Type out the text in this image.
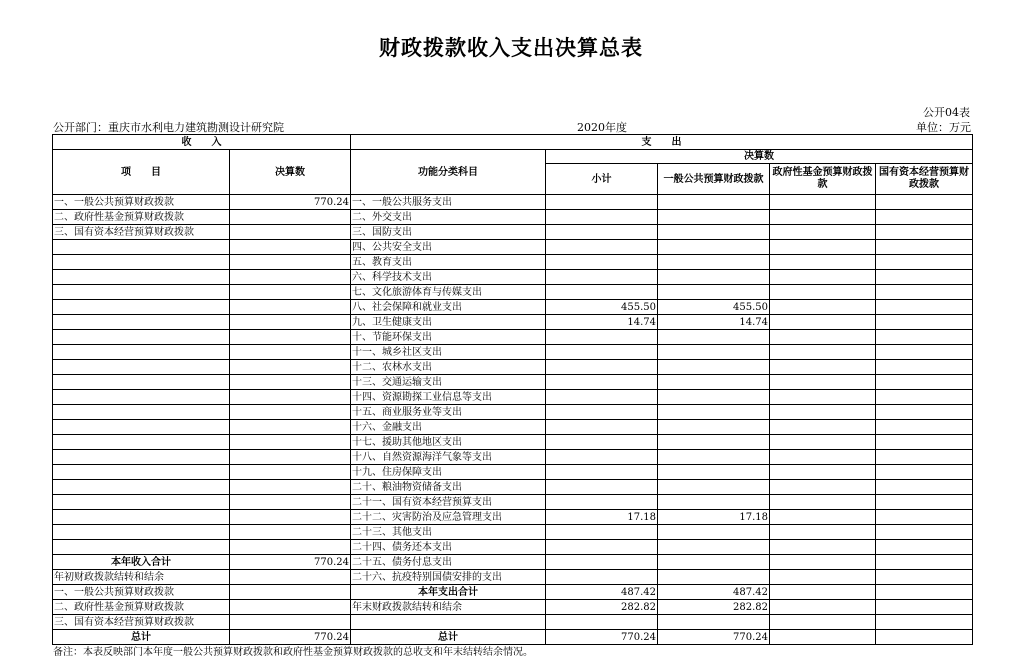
财政拨款收入支出决算总表
公开04表
公开部门：重庆市水利电力建筑勘测设计研究院	2020年度	单位：万元
收　　入		支　　出				
项　　目	决算数	功能分类科目	决算数			
			小计	一般公共预算财政拨款	政府性基金预算财政拨款	国有资本经营预算财政拨款

一、一般公共预算财政拨款	770.24	一、一般公共服务支出				
二、政府性基金预算财政拨款		二、外交支出				
三、国有资本经营预算财政拨款		三、国防支出				
		四、公共安全支出				
		五、教育支出				
		六、科学技术支出				
		七、文化旅游体育与传媒支出				
		八、社会保障和就业支出	455.50	455.50		
		九、卫生健康支出	14.74	14.74		
		十、节能环保支出				
		十一、城乡社区支出				
		十二、农林水支出				
		十三、交通运输支出				
		十四、资源勘探工业信息等支出				
		十五、商业服务业等支出				
		十六、金融支出				
		十七、援助其他地区支出				
		十八、自然资源海洋气象等支出				
		十九、住房保障支出				
		二十、粮油物资储备支出				
		二十一、国有资本经营预算支出				
		二十二、灾害防治及应急管理支出	17.18	17.18		
		二十三、其他支出				
		二十四、债务还本支出				
本年收入合计	770.24	二十五、债务付息支出				
年初财政拨款结转和结余		二十六、抗疫特别国债安排的支出				
一、一般公共预算财政拨款		本年支出合计	487.42	487.42		
二、政府性基金预算财政拨款		年末财政拨款结转和结余	282.82	282.82		
三、国有资本经营预算财政拨款						
总计	770.24	总计	770.24	770.24		
备注：本表反映部门本年度一般公共预算财政拨款和政府性基金预算财政拨款的总收支和年末结转结余情况。
